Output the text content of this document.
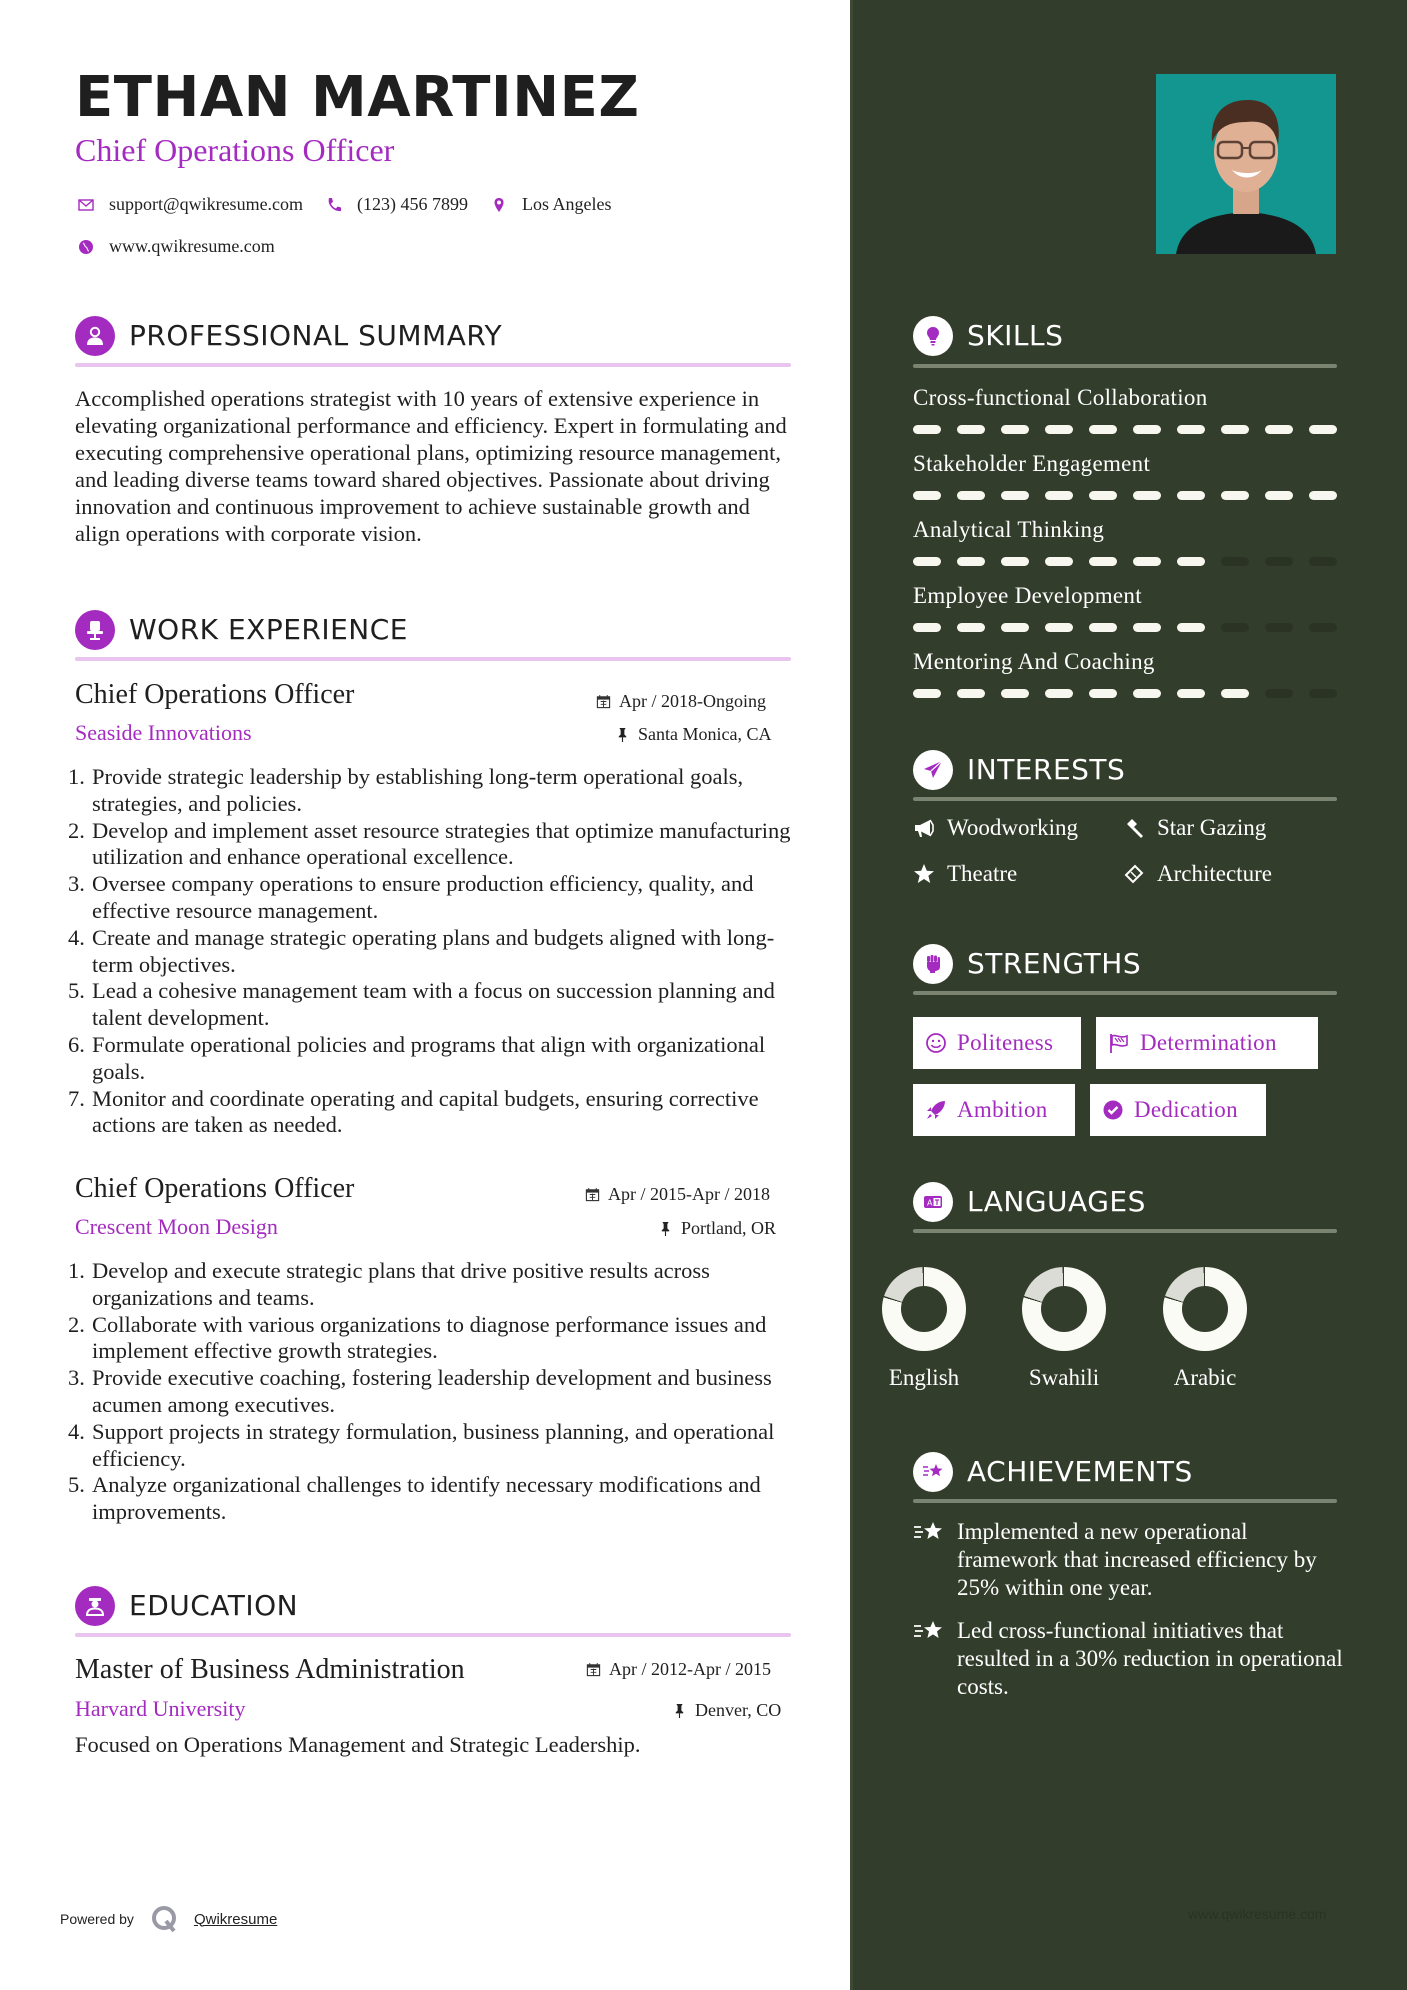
ETHAN MARTINEZ
Chief Operations Officer
support@qwikresume.com	(123) 456 7899	Los Angeles
www.qwikresume.com
PROFESSIONAL SUMMARY
Accomplished operations strategist with 10 years of extensive experience in elevating organizational performance and efficiency. Expert in formulating and executing comprehensive operational plans, optimizing resource management, and leading diverse teams toward shared objectives. Passionate about driving innovation and continuous improvement to achieve sustainable growth and align operations with corporate vision.
WORK EXPERIENCE
Chief Operations Officer	Apr / 2018-Ongoing
Seaside Innovations	Santa Monica, CA
1. Provide strategic leadership by establishing long-term operational goals, strategies, and policies.
2. Develop and implement asset resource strategies that optimize manufacturing utilization and enhance operational excellence.
3. Oversee company operations to ensure production efficiency, quality, and effective resource management.
4. Create and manage strategic operating plans and budgets aligned with long-term objectives.
5. Lead a cohesive management team with a focus on succession planning and talent development.
6. Formulate operational policies and programs that align with organizational goals.
7. Monitor and coordinate operating and capital budgets, ensuring corrective actions are taken as needed.
Chief Operations Officer	Apr / 2015-Apr / 2018
Crescent Moon Design	Portland, OR
1. Develop and execute strategic plans that drive positive results across organizations and teams.
2. Collaborate with various organizations to diagnose performance issues and implement effective growth strategies.
3. Provide executive coaching, fostering leadership development and business acumen among executives.
4. Support projects in strategy formulation, business planning, and operational efficiency.
5. Analyze organizational challenges to identify necessary modifications and improvements.
EDUCATION
Master of Business Administration	Apr / 2012-Apr / 2015
Harvard University	Denver, CO
Focused on Operations Management and Strategic Leadership.
Powered by	Qwikresume
SKILLS
Cross-functional Collaboration
Stakeholder Engagement
Analytical Thinking
Employee Development
Mentoring And Coaching
INTERESTS
Woodworking	Star Gazing
Theatre	Architecture
STRENGTHS
Politeness	Determination
Ambition	Dedication
A LANGUAGES
English	Swahili	Arabic
ACHIEVEMENTS
Implemented a new operational framework that increased efficiency by 25% within one year.
Led cross-functional initiatives that resulted in a 30% reduction in operational costs.
www.qwikresume.com
